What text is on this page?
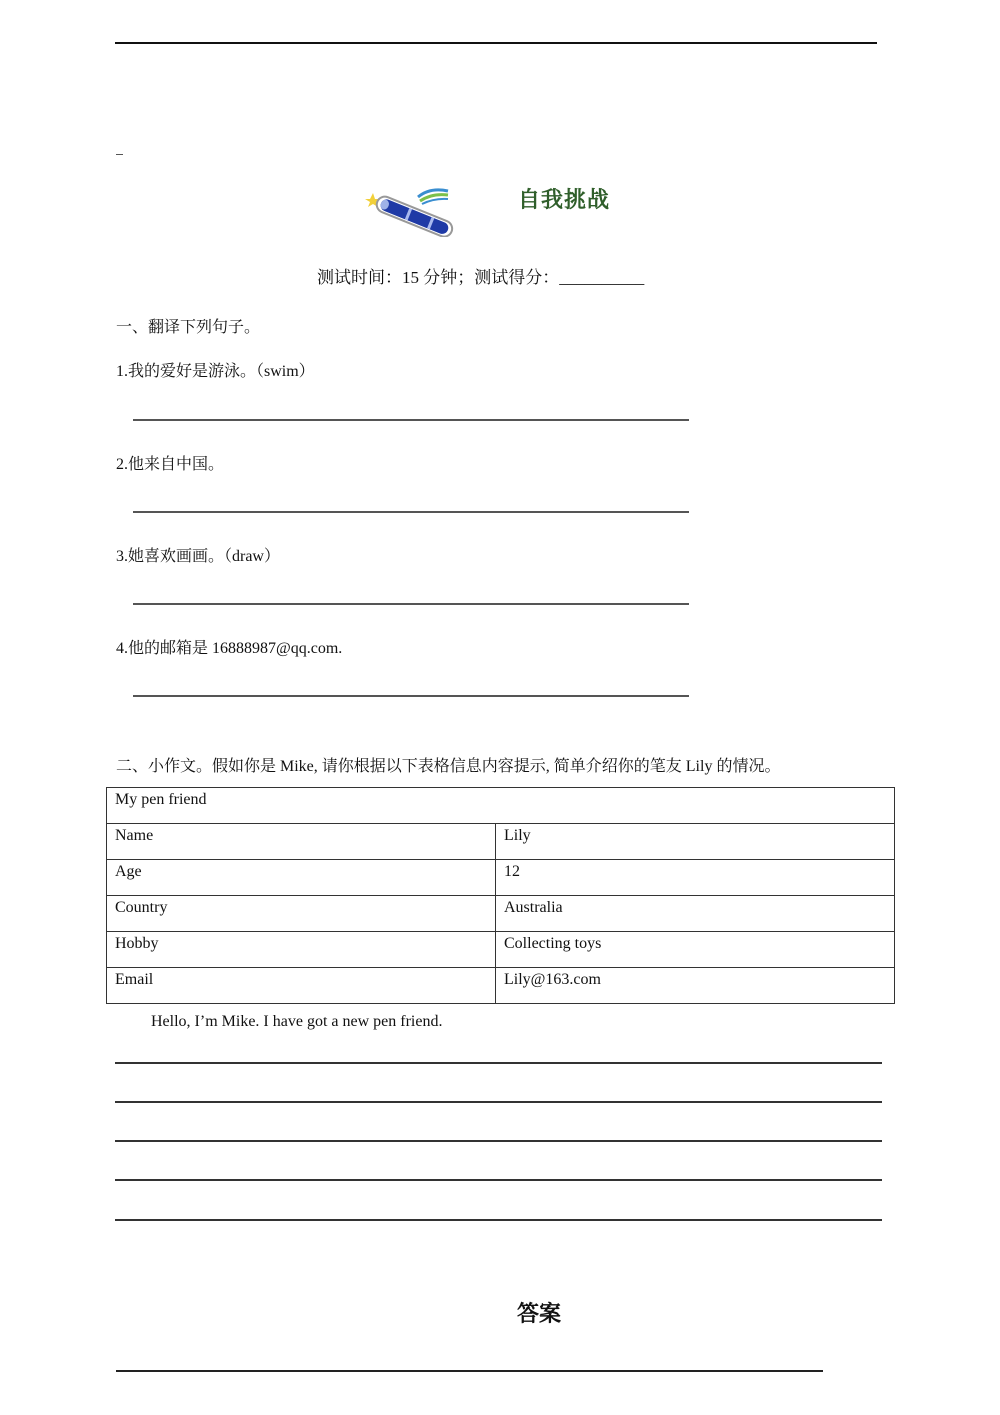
自我挑战
测试时间：15 分钟；测试得分：__________
一、翻译下列句子。
1.我的爱好是游泳。（swim）
2.他来自中国。
3.她喜欢画画。（draw）
4.他的邮箱是 16888987@qq.com.
二、小作文。假如你是 Mike, 请你根据以下表格信息内容提示, 简单介绍你的笔友 Lily 的情况。
My pen friend	
Name	Lily
Age	12
Country	Australia
Hobby	Collecting toys
Email	Lily@163.com
Hello, I’m Mike. I have got a new pen friend.
答案
